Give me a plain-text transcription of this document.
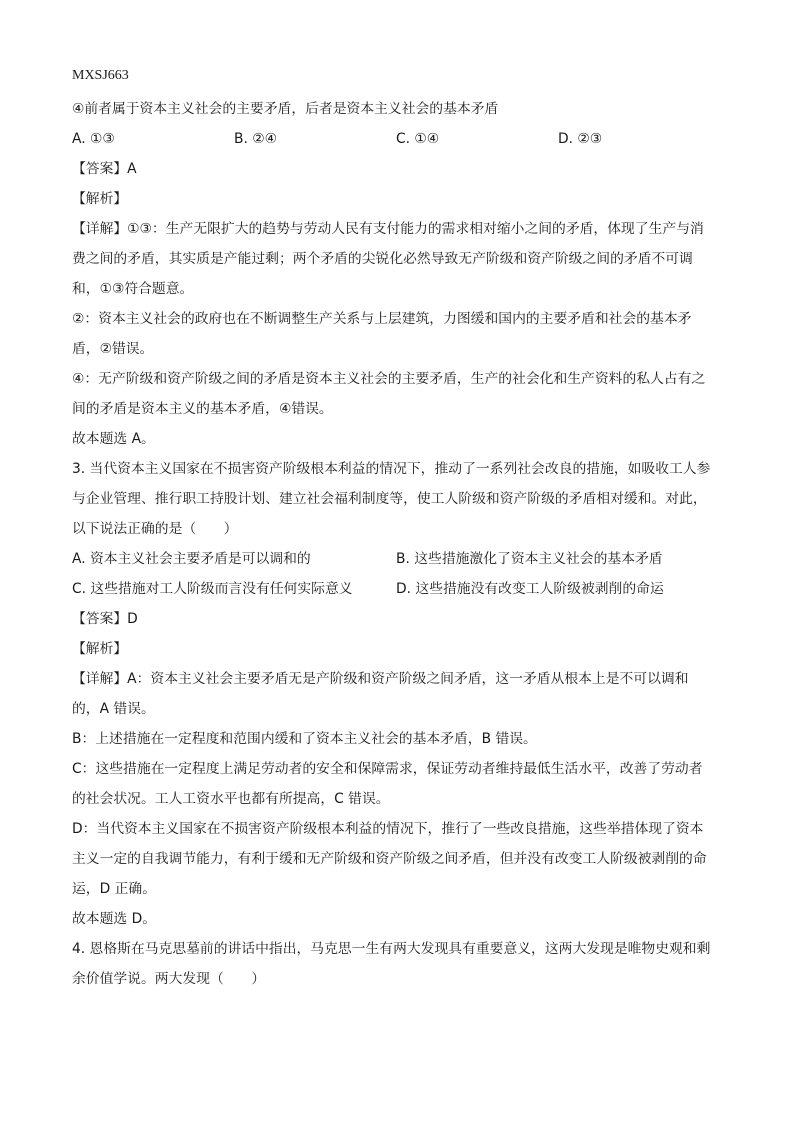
MXSJ663
④前者属于资本主义社会的主要矛盾，后者是资本主义社会的基本矛盾
A. ①③	B. ②④	C. ①④	D. ②③
【答案】A
【解析】
【详解】①③：生产无限扩大的趋势与劳动人民有支付能力的需求相对缩小之间的矛盾，体现了生产与消
费之间的矛盾，其实质是产能过剩；两个矛盾的尖锐化必然导致无产阶级和资产阶级之间的矛盾不可调
和，①③符合题意。
②：资本主义社会的政府也在不断调整生产关系与上层建筑，力图缓和国内的主要矛盾和社会的基本矛
盾，②错误。
④：无产阶级和资产阶级之间的矛盾是资本主义社会的主要矛盾，生产的社会化和生产资料的私人占有之
间的矛盾是资本主义的基本矛盾，④错误。
故本题选 A。
3. 当代资本主义国家在不损害资产阶级根本利益的情况下，推动了一系列社会改良的措施，如吸收工人参
与企业管理、推行职工持股计划、建立社会福利制度等，使工人阶级和资产阶级的矛盾相对缓和。对此，
以下说法正确的是（　　）
A. 资本主义社会主要矛盾是可以调和的	B. 这些措施激化了资本主义社会的基本矛盾
C. 这些措施对工人阶级而言没有任何实际意义	D. 这些措施没有改变工人阶级被剥削的命运
【答案】D
【解析】
【详解】A：资本主义社会主要矛盾无是产阶级和资产阶级之间矛盾，这一矛盾从根本上是不可以调和
的，A 错误。
B：上述措施在一定程度和范围内缓和了资本主义社会的基本矛盾，B 错误。
C：这些措施在一定程度上满足劳动者的安全和保障需求，保证劳动者维持最低生活水平，改善了劳动者
的社会状况。工人工资水平也都有所提高，C 错误。
D：当代资本主义国家在不损害资产阶级根本利益的情况下，推行了一些改良措施，这些举措体现了资本
主义一定的自我调节能力，有利于缓和无产阶级和资产阶级之间矛盾，但并没有改变工人阶级被剥削的命
运，D 正确。
故本题选 D。
4. 恩格斯在马克思墓前的讲话中指出，马克思一生有两大发现具有重要意义，这两大发现是唯物史观和剩
余价值学说。两大发现（　　）
